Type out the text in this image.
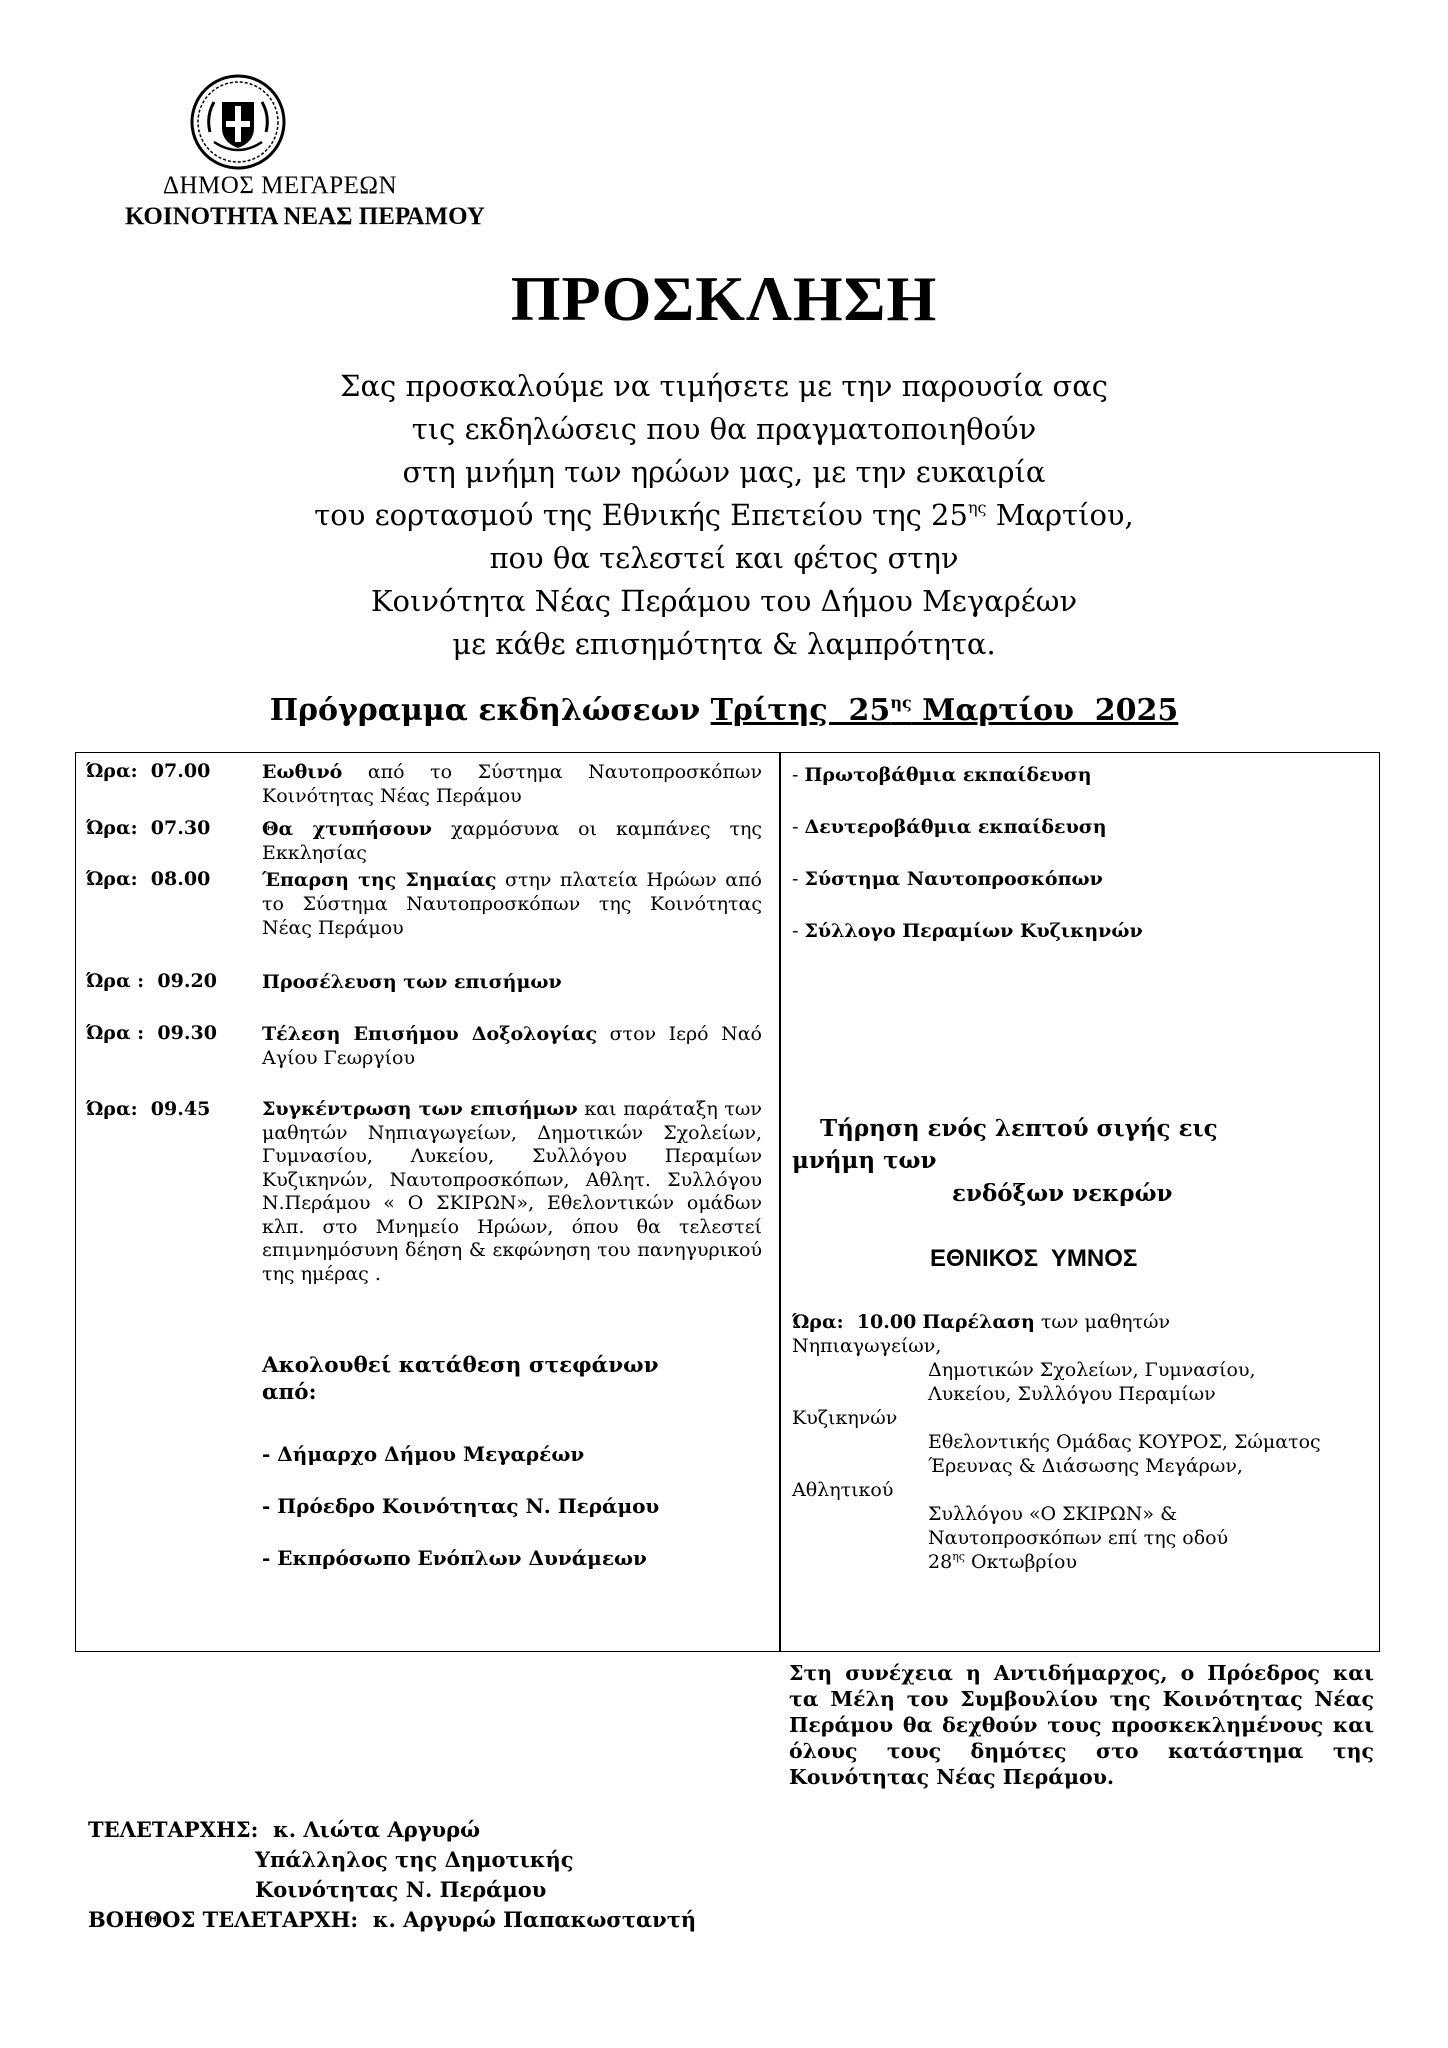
ΔΗΜΟΣ ΜΕΓΑΡΕΩΝ
ΚΟΙΝΟΤΗΤΑ ΝΕΑΣ ΠΕΡΑΜΟΥ
ΠΡΟΣΚΛΗΣΗ
Σας προσκαλούμε να τιμήσετε με την παρουσία σας
τις εκδηλώσεις που θα πραγματοποιηθούν
στη μνήμη των ηρώων μας, με την ευκαιρία
του εορτασμού της Εθνικής Επετείου της $25^{\eta\varsigma}$ Μαρτίου,
που θα τελεστεί και φέτος στην
Κοινότητα Νέας Περάμου του Δήμου Μεγαρέων
με κάθε επισημότητα & λαμπρότητα.
Πρόγραμμα εκδηλώσεων Τρίτης  $25^{\eta\varsigma}$ Μαρτίου  2025
Ώρα:  07.00	Εωθινό από το Σύστημα Ναυτοπροσκόπων Κοινότητας Νέας Περάμου
Ώρα:  07.30	Θα χτυπήσουν χαρμόσυνα οι καμπάνες της Εκκλησίας
Ώρα:  08.00	Έπαρση της Σημαίας στην πλατεία Ηρώων από το Σύστημα Ναυτοπροσκόπων της Κοινότητας Νέας Περάμου
Ώρα :  09.20 Προσέλευση των επισήμων
Ώρα :  09.30 Τέλεση Επισήμου Δοξολογίας στον Ιερό Ναό Αγίου Γεωργίου
Ώρα:  09.45	Συγκέντρωση των επισήμων και παράταξη των μαθητών Νηπιαγωγείων, Δημοτικών Σχολείων, Γυμνασίου, Λυκείου, Συλλόγου Περαμίων Κυζικηνών, Ναυτοπροσκόπων, Αθλητ. Συλλόγου Ν.Περάμου « Ο ΣΚΙΡΩΝ», Εθελοντικών ομάδων κλπ. στο Μνημείο Ηρώων, όπου θα τελεστεί επιμνημόσυνη δέηση & εκφώνηση του πανηγυρικού της ημέρας .
Ακολουθεί κατάθεση στεφάνων
από:
- Δήμαρχο Δήμου Μεγαρέων
- Πρόεδρο Κοινότητας Ν. Περάμου
- Εκπρόσωπο Ενόπλων Δυνάμεων
- Πρωτοβάθμια εκπαίδευση
- Δευτεροβάθμια εκπαίδευση
- Σύστημα Ναυτοπροσκόπων
- Σύλλογο Περαμίων Κυζικηνών
Τήρηση ενός λεπτού σιγής εις
μνήμη των
ενδόξων νεκρών
ΕΘΝΙΚΟΣ  ΥΜΝΟΣ
Ώρα:  10.00 Παρέλαση των μαθητών
Νηπιαγωγείων,
Δημοτικών Σχολείων, Γυμνασίου,
Λυκείου, Συλλόγου Περαμίων
Κυζικηνών
Εθελοντικής Ομάδας ΚΟΥΡΟΣ, Σώματος
Έρευνας & Διάσωσης Μεγάρων,
Αθλητικού
Συλλόγου «Ο ΣΚΙΡΩΝ» &
Ναυτοπροσκόπων επί της οδού
$28^{\eta\varsigma}$ Οκτωβρίου
Στη συνέχεια η Αντιδήμαρχος, ο Πρόεδρος και τα Μέλη του Συμβουλίου της Κοινότητας Νέας Περάμου θα δεχθούν τους προσκεκλημένους και όλους τους δημότες στο κατάστημα της Κοινότητας Νέας Περάμου.
ΤΕΛΕΤΑΡΧΗΣ:  κ. Λιώτα Αργυρώ
Υπάλληλος της Δημοτικής
Κοινότητας Ν. Περάμου
ΒΟΗΘΟΣ ΤΕΛΕΤΑΡΧΗ:  κ. Αργυρώ Παπακωσταντή
